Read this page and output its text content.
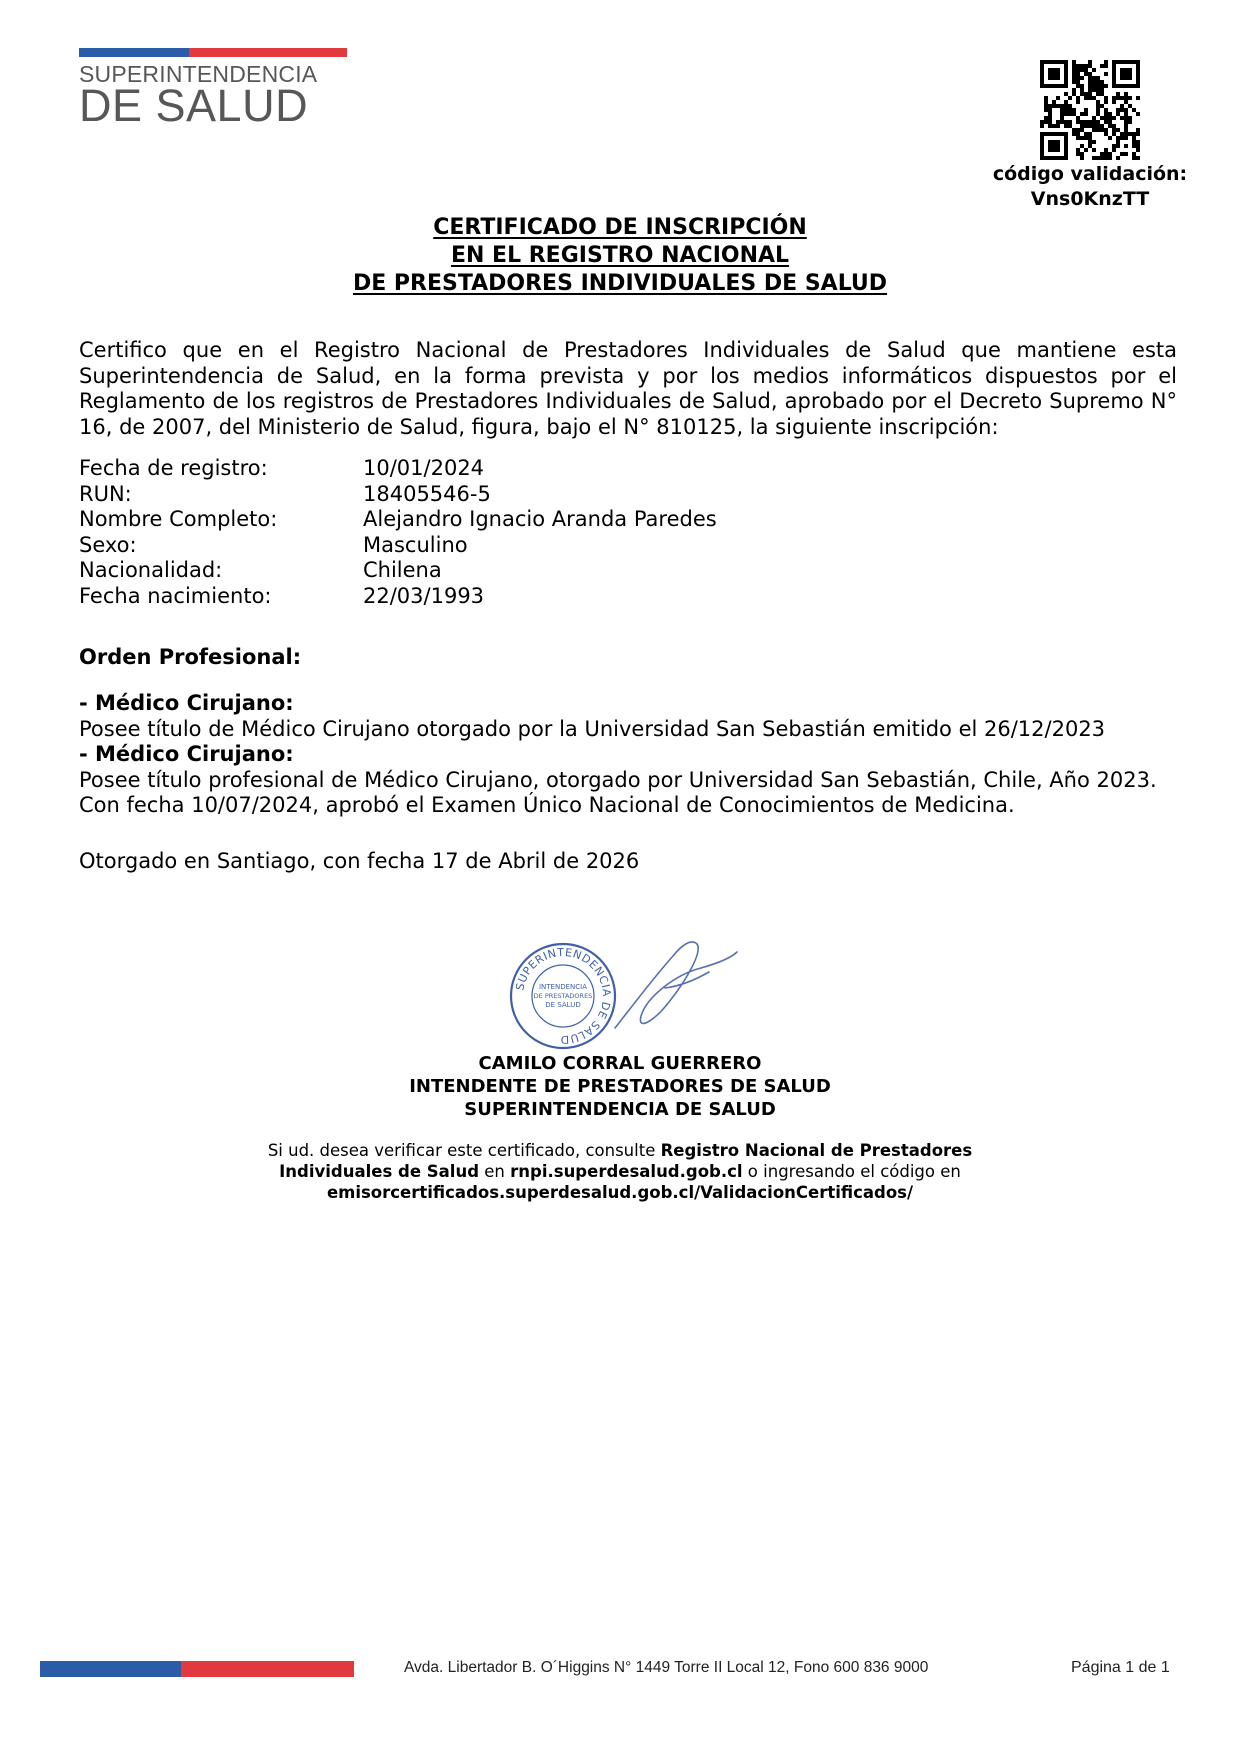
SUPERINTENDENCIA
DE SALUD
código validación:
Vns0KnzTT
CERTIFICADO DE INSCRIPCIÓN
EN EL REGISTRO NACIONAL
DE PRESTADORES INDIVIDUALES DE SALUD
Certifico que en el Registro Nacional de Prestadores Individuales de Salud que mantiene esta Superintendencia de Salud, en la forma prevista y por los medios informáticos dispuestos por el Reglamento de los registros de Prestadores Individuales de Salud, aprobado por el Decreto Supremo N° 16, de 2007, del Ministerio de Salud, figura, bajo el N° 810125, la siguiente inscripción:
Fecha de registro:	10/01/2024
RUN:	18405546-5
Nombre Completo:	Alejandro Ignacio Aranda Paredes
Sexo:	Masculino
Nacionalidad:	Chilena
Fecha nacimiento:	22/03/1993
Orden Profesional:
- Médico Cirujano:
Posee título de Médico Cirujano otorgado por la Universidad San Sebastián emitido el 26/12/2023
- Médico Cirujano:
Posee título profesional de Médico Cirujano, otorgado por Universidad San Sebastián, Chile, Año 2023. Con fecha 10/07/2024, aprobó el Examen Único Nacional de Conocimientos de Medicina.
Otorgado en Santiago, con fecha 17 de Abril de 2026
SUPERINTENDENCIA DE SALUD
INTENDENCIA
DE PRESTADORES
DE SALUD
CAMILO CORRAL GUERRERO
INTENDENTE DE PRESTADORES DE SALUD
SUPERINTENDENCIA DE SALUD
Si ud. desea verificar este certificado, consulte Registro Nacional de Prestadores Individuales de Salud en rnpi.superdesalud.gob.cl o ingresando el código en emisorcertificados.superdesalud.gob.cl/ValidacionCertificados/
Avda. Libertador B. O´Higgins N° 1449 Torre II Local 12, Fono 600 836 9000	Página 1 de 1
